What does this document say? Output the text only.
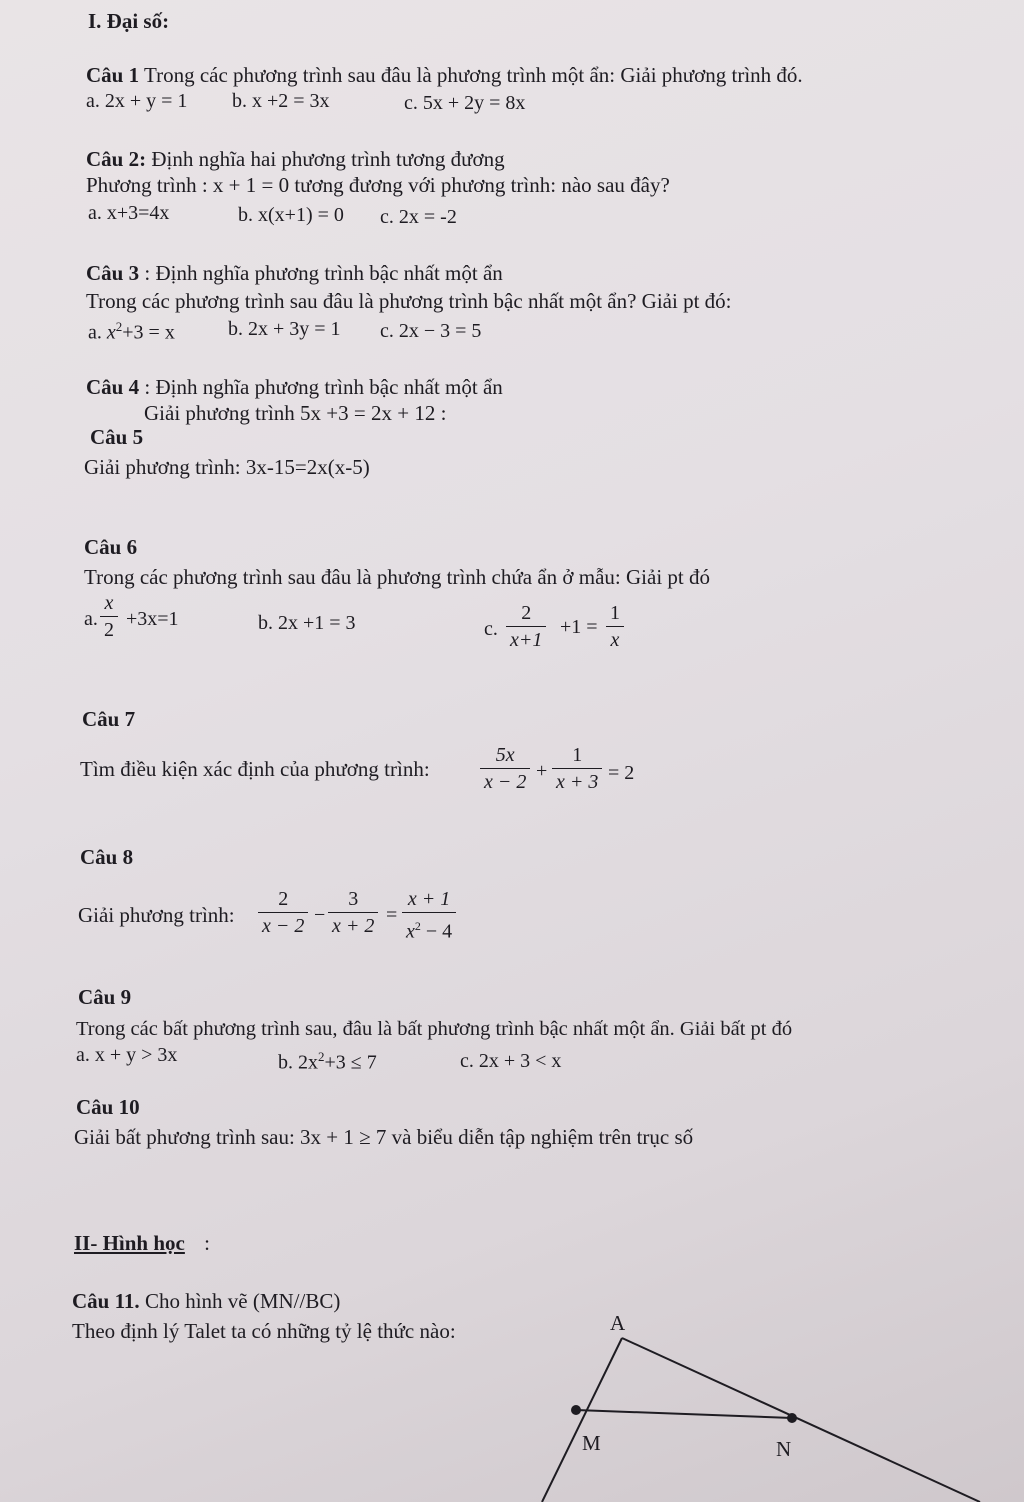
I. Đại số:
Câu 1 Trong các phương trình sau đâu là phương trình một ẩn: Giải phương trình đó.
a. 2x + y = 1 b. x +2 = 3x	c. 5x + 2y = 8x
Câu 2: Định nghĩa hai phương trình tương đương
Phương trình : x + 1 = 0 tương đương với phương trình: nào sau đây?
a. x+3=4x	b. x(x+1) = 0 c. 2x = -2
Câu 3 : Định nghĩa phương trình bậc nhất một ẩn
Trong các phương trình sau đâu là phương trình bậc nhất một ẩn? Giải pt đó:
a. $x^2+3 = x$	b. 2x + 3y = 1 c. 2x − 3 = 5
Câu 4 : Định nghĩa phương trình bậc nhất một ẩn
Giải phương trình 5x +3 = 2x + 12 :
Câu 5
Giải phương trình: 3x-15=2x(x-5)
Câu 6
Trong các phương trình sau đâu là phương trình chứa ẩn ở mẫu: Giải pt đó
a. $\frac{x}{2} +3x=1$	b. 2x +1 = 3	c. $\frac{2}{x+1} +1 = \frac{1}{x}$
Câu 7
Tìm điều kiện xác định của phương trình:	$\frac{5x}{x - 2} + \frac{1}{x + 3} = 2$
Câu 8
Giải phương trình: $\frac{2}{x - 2} - \frac{3}{x + 2} = \frac{x + 1}{x^2 - 4}$
Câu 9
Trong các bất phương trình sau, đâu là bất phương trình bậc nhất một ẩn. Giải bất pt đó
a. x + y > 3x	b. $2x^2+3 \le 7$	c. 2x + 3 < x
Câu 10
Giải bất phương trình sau: 3x + 1 ≥ 7 và biểu diễn tập nghiệm trên trục số
II- Hình học :
Câu 11. Cho hình vẽ (MN//BC)
Theo định lý Talet ta có những tỷ lệ thức nào:	A
M	N
